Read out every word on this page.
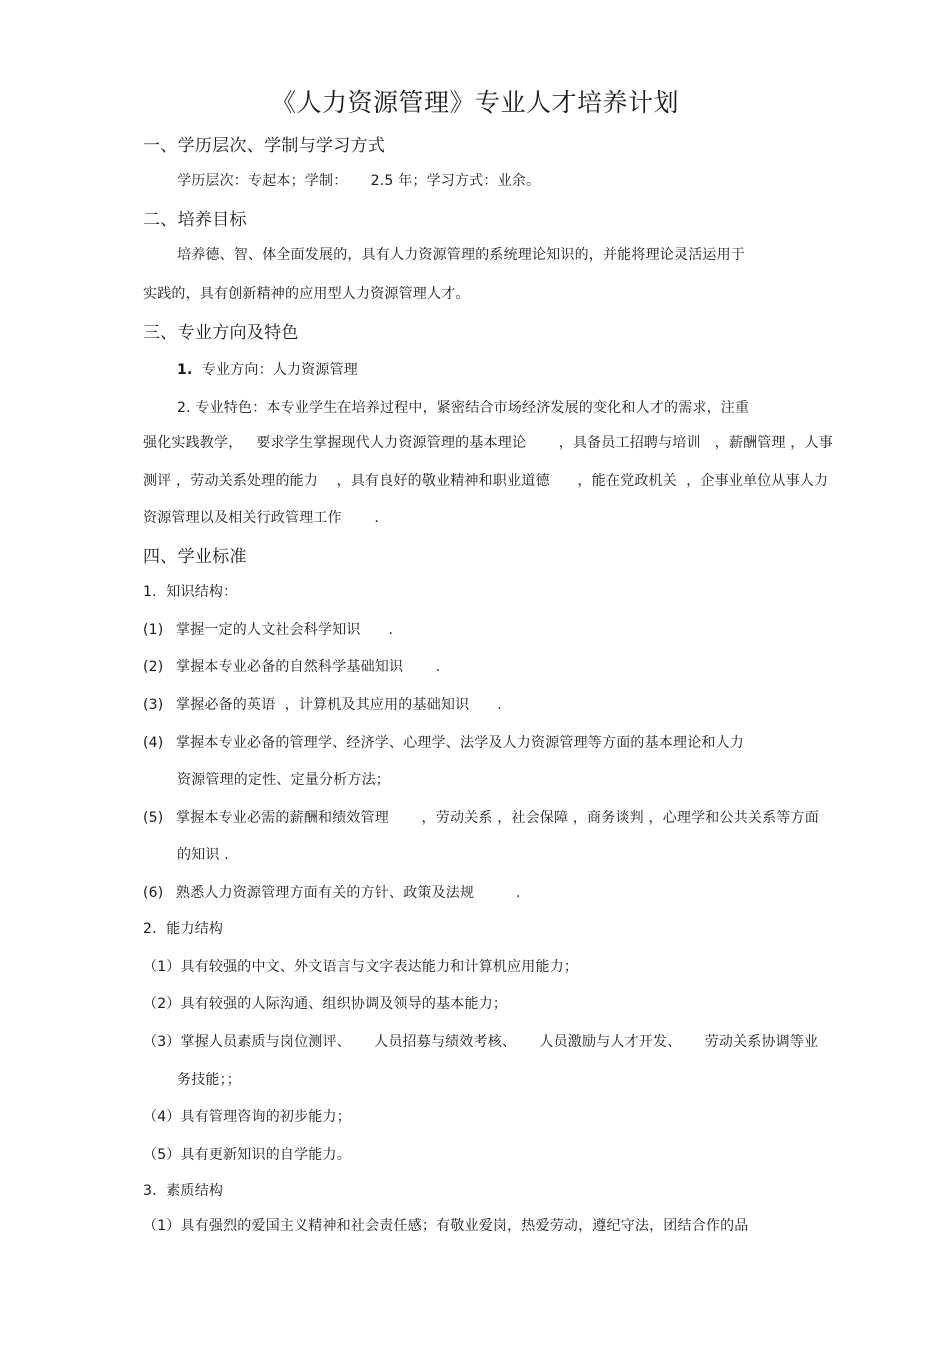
《人力资源管理》专业人才培养计划
一、学历层次、学制与学习方式
学历层次：专起本；学制：     2.5 年；学习方式：业余。
二、培养目标
培养德、智、体全面发展的，具有人力资源管理的系统理论知识的，并能将理论灵活运用于
实践的，具有创新精神的应用型人力资源管理人才。
三、专业方向及特色
1. 专业方向：人力资源管理
2. 专业特色：本专业学生在培养过程中，紧密结合市场经济发展的变化和人才的需求，注重
强化实践教学，   要求学生掌握现代人力资源管理的基本理论       ，具备员工招聘与培训   ，薪酬管理 ，人事
测评 ，劳动关系处理的能力    ，具有良好的敬业精神和职业道德      ，能在党政机关  ，企事业单位从事人力
资源管理以及相关行政管理工作       .
四、学业标准
1．知识结构：
(1) 掌握一定的人文社会科学知识      .
(2) 掌握本专业必备的自然科学基础知识       .
(3) 掌握必备的英语  ，计算机及其应用的基础知识      .
(4) 掌握本专业必备的管理学、经济学、心理学、法学及人力资源管理等方面的基本理论和人力
资源管理的定性、定量分析方法；
(5) 掌握本专业必需的薪酬和绩效管理       ，劳动关系 ，社会保障 ，商务谈判 ，心理学和公共关系等方面
的知识 .
(6) 熟悉人力资源管理方面有关的方针、政策及法规         .
2．能力结构
（1）具有较强的中文、外文语言与文字表达能力和计算机应用能力；
（2）具有较强的人际沟通、组织协调及领导的基本能力；
（3）掌握人员素质与岗位测评、     人员招募与绩效考核、     人员激励与人才开发、     劳动关系协调等业
务技能；；
（4）具有管理咨询的初步能力；
（5）具有更新知识的自学能力。
3．素质结构
（1）具有强烈的爱国主义精神和社会责任感；有敬业爱岗，热爱劳动，遵纪守法，团结合作的品
